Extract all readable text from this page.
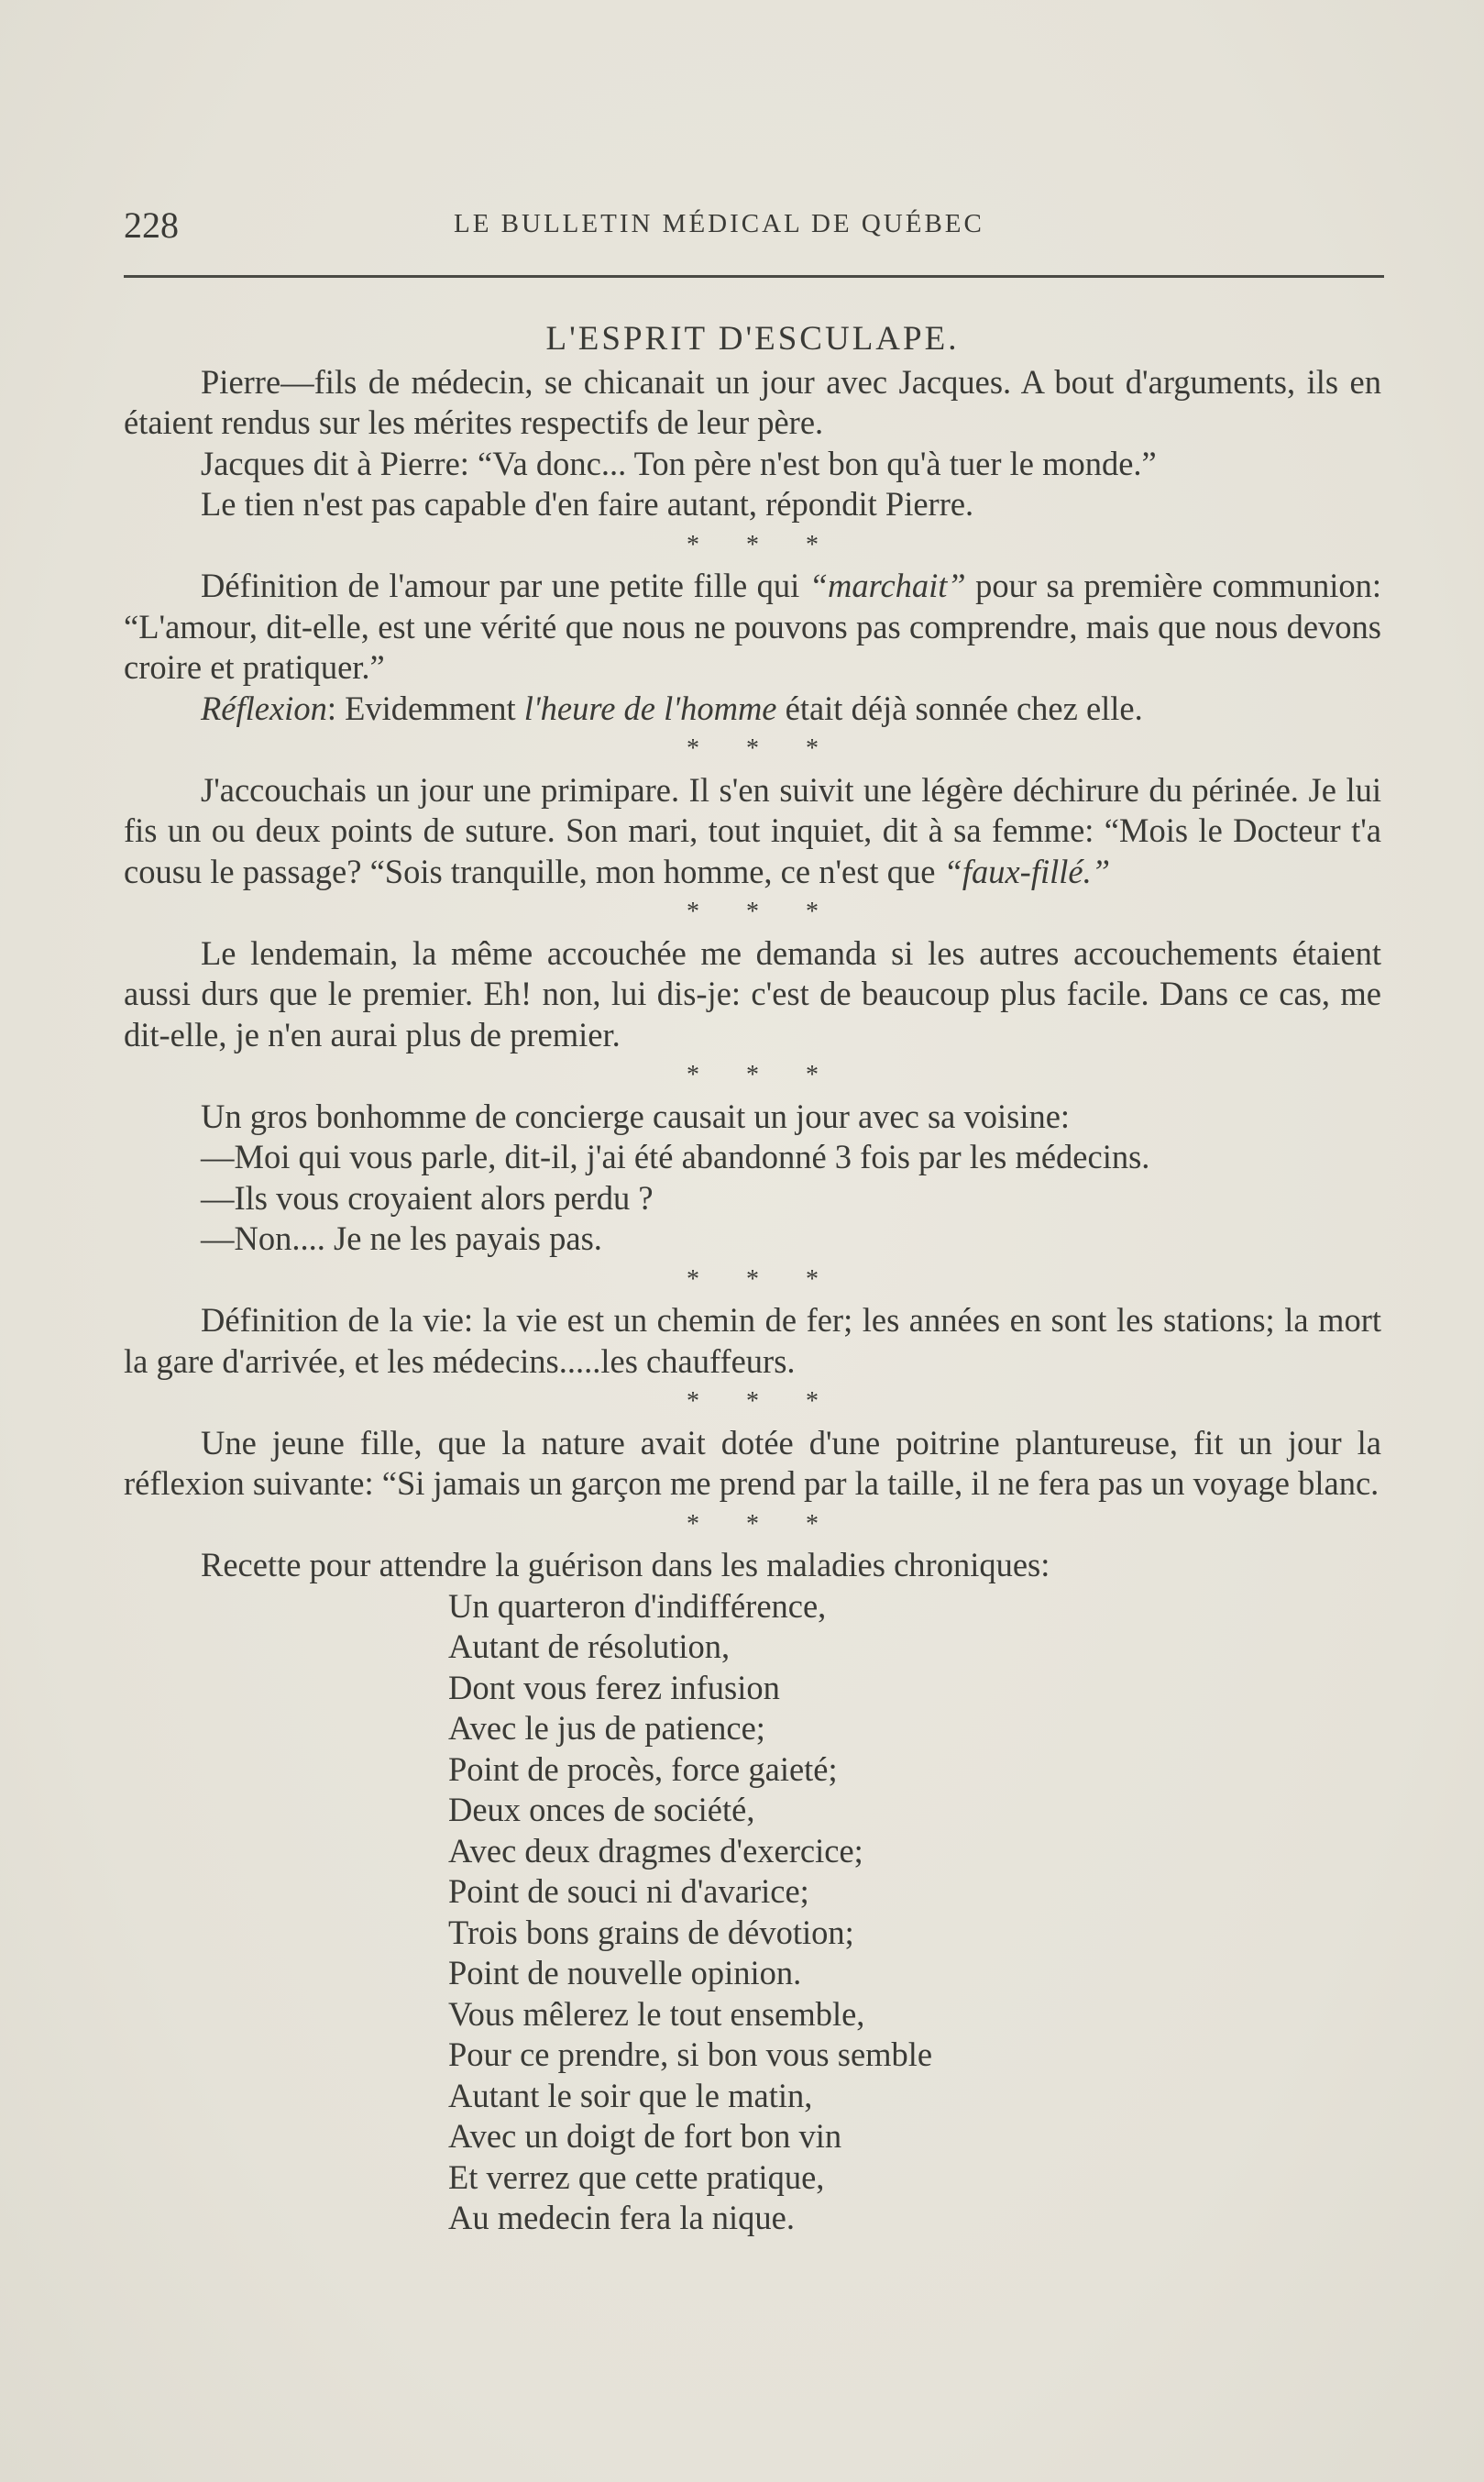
228	LE BULLETIN MÉDICAL DE QUÉBEC
L'ESPRIT D'ESCULAPE.

Pierre—fils de médecin, se chicanait un jour avec Jacques. A bout d'arguments, ils en étaient rendus sur les mérites respectifs de leur père.

Jacques dit à Pierre: “Va donc... Ton père n'est bon qu'à tuer le monde.”

Le tien n'est pas capable d'en faire autant, répondit Pierre.

* * *

Définition de l'amour par une petite fille qui “marchait” pour sa première communion: “L'amour, dit-elle, est une vérité que nous ne pouvons pas comprendre, mais que nous devons croire et pratiquer.”

Réflexion: Evidemment l'heure de l'homme était déjà sonnée chez elle.

* * *

J'accouchais un jour une primipare. Il s'en suivit une légère déchirure du périnée. Je lui fis un ou deux points de suture. Son mari, tout inquiet, dit à sa femme: “Mois le Docteur t'a cousu le passage? “Sois tranquille, mon homme, ce n'est que “faux-fillé.”

* * *

Le lendemain, la même accouchée me demanda si les autres accouchements étaient aussi durs que le premier. Eh! non, lui dis-je: c'est de beaucoup plus facile. Dans ce cas, me dit-elle, je n'en aurai plus de premier.

* * *

Un gros bonhomme de concierge causait un jour avec sa voisine:

—Moi qui vous parle, dit-il, j'ai été abandonné 3 fois par les médecins.

—Ils vous croyaient alors perdu ?

—Non.... Je ne les payais pas.

* * *

Définition de la vie: la vie est un chemin de fer; les années en sont les stations; la mort la gare d'arrivée, et les médecins.....les chauffeurs.

* * *

Une jeune fille, que la nature avait dotée d'une poitrine plantureuse, fit un jour la réflexion suivante: “Si jamais un garçon me prend par la taille, il ne fera pas un voyage blanc.

* * *

Recette pour attendre la guérison dans les maladies chroniques:

Un quarteron d'indifférence,
Autant de résolution,
Dont vous ferez infusion
Avec le jus de patience;
Point de procès, force gaieté;
Deux onces de société,
Avec deux dragmes d'exercice;
Point de souci ni d'avarice;
Trois bons grains de dévotion;
Point de nouvelle opinion.
Vous mêlerez le tout ensemble,
Pour ce prendre, si bon vous semble
Autant le soir que le matin,
Avec un doigt de fort bon vin
Et verrez que cette pratique,
Au medecin fera la nique.
